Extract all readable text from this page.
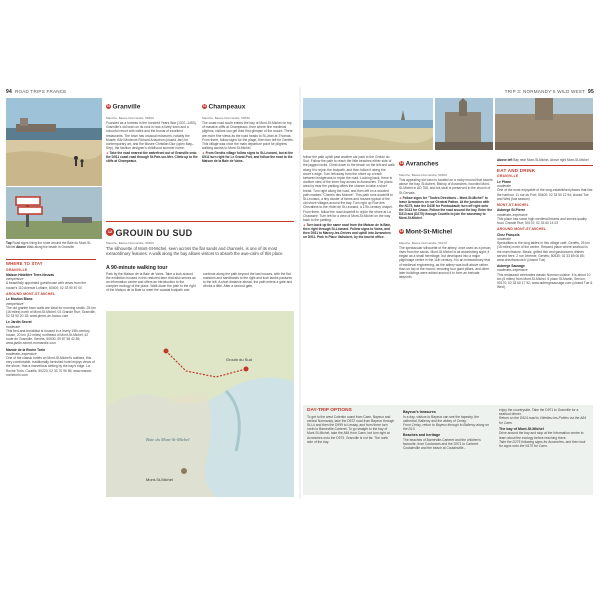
94 ROAD TRIPS FRANCE
Top Road signs lining the route around the Baie du Mont-St-Michel Above Walk along the beach in Granville

WHERE TO STAY

GRANVILLE

Maison Hôtelière Terre-Neuvas

inexpensive

A beautifully appointed guesthouse with views from the house's 110 Avenue Lottaire, 50400; 02 33 90 87 00

AROUND MONT-ST-MICHEL

Le Mouton Blanc

inexpensive

The old granite town walls are ideal for morning strolls. 25 km (15 miles) north of Mont-St-Michel; 03 Grande Rue, Granville, 02 33 90 20 18; www.pierre-de-franco.com

Le Jardin Secret

moderate

This bed-and-breakfast is housed in a lovely 19th-century house, 20 km (12 miles) northeast of Mont-St-Michel; 42 route de Granville, Genêts; 50530; 09 87 58 42 85; www.jardin-secret-normandie.com

Manoir de la Roche Torin

moderate–expensive

One of the classic hotels on Mont-St-Michel's outlines, this very comfortable, traditionally furnished hotel enjoys views of the shore. Has a marvellous setting by the bay's edge. La Roche Torin, Courtils, 50220; 02 33 70 96 55; www.manoir-rochetorin.com

10 Granville

Manche, Basse-Normandie; 50400

Founded as a fortress in the hundred Years War (1337–1453), Granville's old town on its rock is now a lively town and a colourful resort with cafés and the bonus of excellent restaurants. The town has unusual museums, notably the Musée d'Art Moderne Richard Anacréon (closed Jan) for contemporary art, and the Musée Christian Dior (open May–Sep), the fashion designer's childhood summer home.

➔ Take the road nearest the waterfront out of Granville onto the D911 coast road through St-Pair-sur-Mer. Climb up to the cliffs at Champeaux.

11 Champeaux

Manche, Basse-Normandie; 50530

The coast road south enters the bay of Mont-St-Michel on top of massive cliffs at Champeaux, from where fine medieval pilgrims, visitors can get their first glimpse of the mount. There are more fine views as the road heads to St-Jean-le-Thomas. From there, follow signs for the plage, then turn left for Genêts. This village was once the main departure point for pilgrims walking across to Mont-St-Michel.

➔ From Genêts village follow signs to St-Léonard, but at the D911 turn right for Le Grand-Port, and follow the road to the Maison de la Baie de Vains.

12 GROUIN DU SUD

Manche, Basse-Normandie; 50300

The silhouette of Mont-St-Michel, seen across the flat sands and channels, is one of its most extraordinary features. A walk along the bay allows visitors to absorb the awe-calm of this place.

A 90-minute walking tour

Park by the Maison de la Baie de Vains. Take a look around the exhibition housed in this restored farm that also serves as an information centre and offers an introduction to the complex ecology of the place. Walk down the path to the right of the Maison de la Baie to meet the coastal footpath and continue along the path beyond the last houses, with the flat marshes and sandbanks to the right and lush lambs pastures to the left. A short distance ahead, the path enters a gate and climbs a little. After a second gate,

Baie du Mont-St-Michel
Grouin du Sud
Mont-St-Michel
TRIP 3: NORMANDY'S WILD WEST 95

follow the path uphill past another car park to the Grouin du Sud. Follow the path to reach the little beaches either side of the jagged rocks. Climb down to the beach on the left and walk along it to rejoin the footpath, and then follow it along the shore's edge. Turn left away from the shore up a track between hedgerows to rejoin the road. Looking back, there is another view of the inner bay across to Avranches. The picnic area by near the parking offers the chance to take a short break. Turn right along the road, and then left on a wooded path marked "Chemin des Moines". This path runs downhill to St-Léonard, a tiny cluster of farms and houses typical of the old shore villages around the bay. Turn right up Rue des Chevaliers to the Hôtel de St-Léonard, a 17th-century chapel. From there, follow the road downhill to rejoin the shore at La Chaussée. Turn left for a view of Mont-St-Michel on the way back to the parking.

➔ Turn back up the same road from the Maison de la Baie, then right through St-Léonard. Follow signs to Vains, and then D911 to Marcey-les-Grèves and uphill into Avranches on D911. Park in Place Valhubert, by the tourist office.

13 Avranches

Manche, Basse-Normandie; 50300

This appealing old town is located on a rocky mound that towers above the bay. St Aubert, Bishop of Avranches, founded Mont-St-Michel in AD 708, and his skull is preserved in the church of St-Gervais.

➔ Follow signs for "Toutes Directions – Mont-St-Michel" to leave Avranches on rue Général Patton. At the junction with the N175, take the D43E for Pontaubault; turn off right onto the D113 for Céaux. Follow the road around the bay. Enter the D313 and (D275) through Courtils to join the causeway to Mont-St-Michel.

14 Mont-St-Michel

Manche, Basse-Normandie; 50170

The spectacular silhouette of the abbey, once used as a prison, rises from the sands. Mont-St-Michel is as astonishing sight; it began as a small hermitage, but developed into a major pilgrimage centre in the 11th century. It is an extraordinary feat of medieval engineering, as the abbey was built above rather than on top of the mount, ensuring four giant pillars, and other later buildings were added around it to form an intricate labyrinth.

Above left Bay near Mont-St-Michel. Above right Mont-St-Michel

EAT AND DRINK

GRANVILLE

Le Phare

moderate

One of the most enjoyable of the long-established places that line the harbour. 11 rue du Port; 50400; 02 33 50 12 94; closed Tue and Wed (low season)

MONT-ST-MICHEL

Auberge St-Pierre

moderate–expensive

This place has some high medieval beams and serves quality food. Grande Rue; 50170; 02 33 60 14 03

AROUND MONT-ST-MICHEL

Chez François

moderate

Specialities in the long tables in this village café, Genêts, 25 km (15 miles) north of the centre. Relaxed place where seafood is the main feature. Meals, grilled fish and gastronomic dishes served here. 2 rue Jérémie, Genêts; 50530; 02 33 89 06 85; www.chezfrancois.fr (closed Tue)

Auberge Sauvage

moderate–expensive

This restaurant celebrates classic Norman cuisine. It is about 10 km (6 miles) from Mont-St-Michel. 6 place St-Martin, Servon; 50170; 02 33 60 17 92; www.aubergesauvage.com (closed Tue & Wed)

DAY-TRIP OPTIONS

To get to the west Cotentin coast from Caen, Bayeux and central Normandy, take the D572 road from Bayeux through St-Lô and then the D999 to Lessay, and from there turn north to Barneville-Carteret. To go straight to the bay of Mont-St-Michel, take the A84 from Caen, but turn right at Avranches onto the D973. Granville is not far. The north side of the bay.

Bayeux's treasures

In a day, visitors to Bayeux can see the tapestry, the cathedral, Balleroy and the abbey of Cerisy.

From Cerisy, return to Bayeux through to Balleroy along on the D13.

Beaches and heritage

The beaches of Barneville-Carteret and the children's favourite, from Coutances and the D971 to Carteret. Coutainville and the beach at Coutainville...

enjoy the countryside. Take the D971 to Granville for a seafood dinner.

Return on the D924 road to Villedieu-les-Poêles via the A84 for Caen.

The bay of Mont-St-Michel

Drive around the bay and stop at the Information centre to learn about the ecology before reaching there.

Take the D275 following signs for Avranches, and then look for signs onto the N175 for Caen.
